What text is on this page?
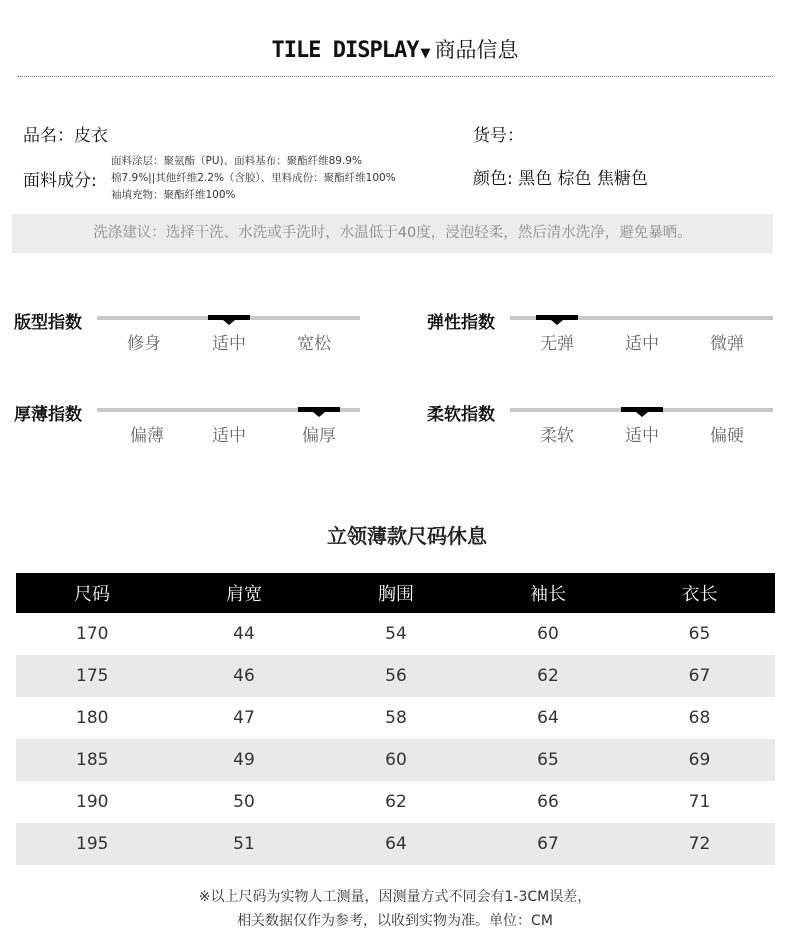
TILE DISPLAY ▼ 商品信息
品名：皮衣	货号：
面料成分:
面料涂层：聚氨酯（PU)、面料基布：聚酯纤维89.9%
棉7.9%||其他纤维2.2%（含胶）、里料成份：聚酯纤维100%
袖填充物：聚酯纤维100%
颜色: 黑色 棕色 焦糖色
洗涤建议：选择干洗、水洗或手洗时，水温低于40度，浸泡轻柔，然后清水洗净，避免暴晒。
版型指数
修身	适中	宽松
弹性指数
无弹	适中	微弹
厚薄指数
偏薄	适中	偏厚
柔软指数
柔软	适中	偏硬
立领薄款尺码休息
尺码	肩宽	胸围	袖长	衣长
170	44	54	60	65
175	46	56	62	67
180	47	58	64	68
185	49	60	65	69
190	50	62	66	71
195	51	64	67	72
※以上尺码为实物人工测量，因测量方式不同会有1-3CM误差，
相关数据仅作为参考，以收到实物为准。单位：CM
